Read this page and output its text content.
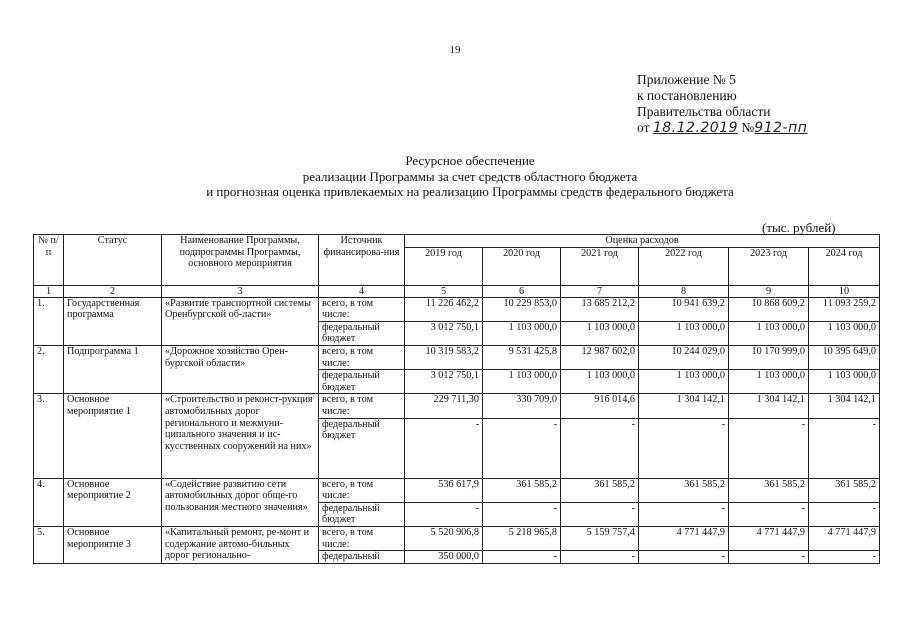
19
Приложение № 5
к постановлению
Правительства области
от 18.12.2019 №912-пп
Ресурсное обеспечение
реализации Программы за счет средств областного бюджета
и прогнозная оценка привлекаемых на реализацию Программы средств федерального бюджета
(тыс. рублей)
№ п/п	Статус	Наименование Программы, подпрограммы Программы, основного мероприятия	Источник финансирова-ния	Оценка расходов					
				2019 год	2020 год	2021 год	2022 год	2023 год	2024 год
1	2	3	4	5	6	7	8	9	10
1.	Государственная программа	«Развитие транспортной системы Оренбургской об-ласти»	всего, в том числе:	11 226 462,2	10 229 853,0	13 685 212,2	10 941 639,2	10 868 609,2	11 093 259,2
			федеральный бюджет	3 012 750,1	1 103 000,0	1 103 000,0	1 103 000,0	1 103 000,0	1 103 000,0
2.	Подпрограмма 1	«Дорожное хозяйство Орен-бургской области»	всего, в том числе:	10 319 583,2	9 531 425,8	12 987 602,0	10 244 029,0	10 170 999,0	10 395 649,0
			федеральный бюджет	3 012 750,1	1 103 000,0	1 103 000,0	1 103 000,0	1 103 000,0	1 103 000,0
3.	Основное мероприятие 1	«Строительство и реконст-рукция автомобильных дорог регионального и межмуни-ципального значения и ис-кусственных сооружений на них»	всего, в том числе:	229 711,30	330 709,0	916 014,6	1 304 142,1	1 304 142,1	1 304 142,1
			федеральный бюджет	-	-	-	-	-	-
4.	Основное мероприятие 2	«Содействие развитию сети автомобильных дорог обще-го пользования местного значения»	всего, в том числе:	536 617,9	361 585,2	361 585,2	361 585,2	361 585,2	361 585,2
			федеральный бюджет	-	-	-	-	-	-
5.	Основное мероприятие 3	«Капитальный ремонт, ре-монт и содержание автомо-бильных дорог регионально-	всего, в том числе:	5 520 906,8	5 218 965,8	5 159 757,4	4 771 447,9	4 771 447,9	4 771 447,9
			федеральный	350 000,0	-	-	-	-	-
